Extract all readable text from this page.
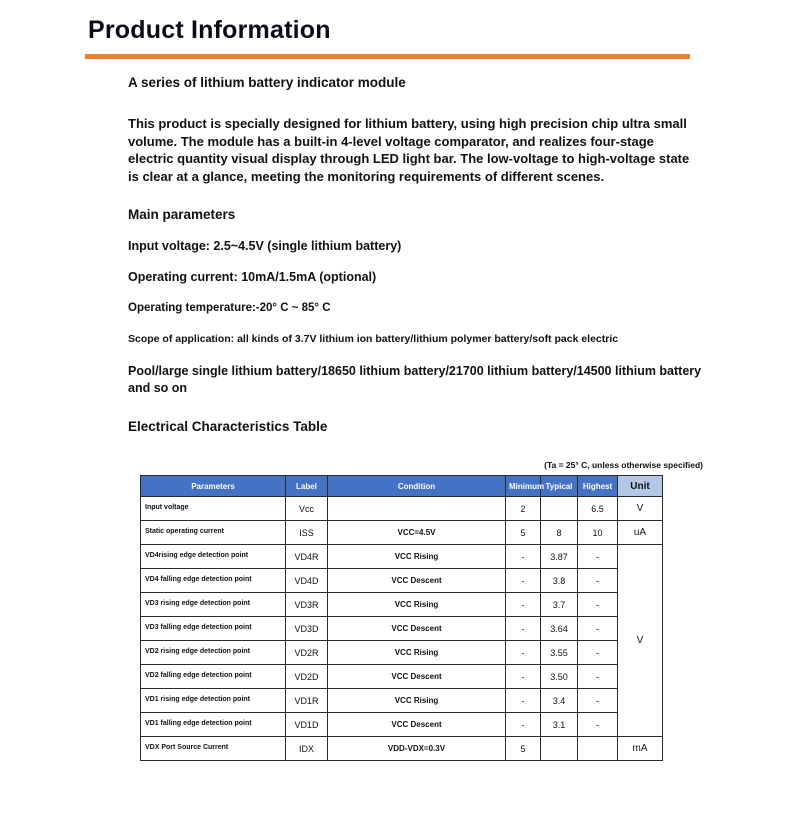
Product Information

A series of lithium battery indicator module

This product is specially designed for lithium battery, using high precision chip ultra small volume. The module has a built-in 4-level voltage comparator, and realizes four-stage electric quantity visual display through LED light bar. The low-voltage to high-voltage state is clear at a glance, meeting the monitoring requirements of different scenes.

Main parameters

Input voltage: 2.5~4.5V (single lithium battery)

Operating current: 10mA/1.5mA (optional)

Operating temperature:-20° C ~ 85° C

Scope of application: all kinds of 3.7V lithium ion battery/lithium polymer battery/soft pack electric

Pool/large single lithium battery/18650 lithium battery/21700 lithium battery/14500 lithium battery and so on

Electrical Characteristics Table

(Ta = 25° C, unless otherwise specified)
Parameters	Label	Condition	Minimum	Typical	Highest	Unit
Input voltage	Vcc		2		6.5	V
Static operating current	ISS	VCC=4.5V	5	8	10	uA
VD4rising edge detection point	VD4R	VCC Rising	-	3.87	-	V
VD4 falling edge detection point	VD4D	VCC Descent	-	3.8	-	
VD3 rising edge detection point	VD3R	VCC Rising	-	3.7	-	
VD3 falling edge detection point	VD3D	VCC Descent	-	3.64	-	
VD2 rising edge detection point	VD2R	VCC Rising	-	3.55	-	
VD2 falling edge detection point	VD2D	VCC Descent	-	3.50	-	
VD1 rising edge detection point	VD1R	VCC Rising	-	3.4	-	
VD1 falling edge detection point	VD1D	VCC Descent	-	3.1	-	
VDX Port Source Current	IDX	VDD-VDX=0.3V	5			mA
